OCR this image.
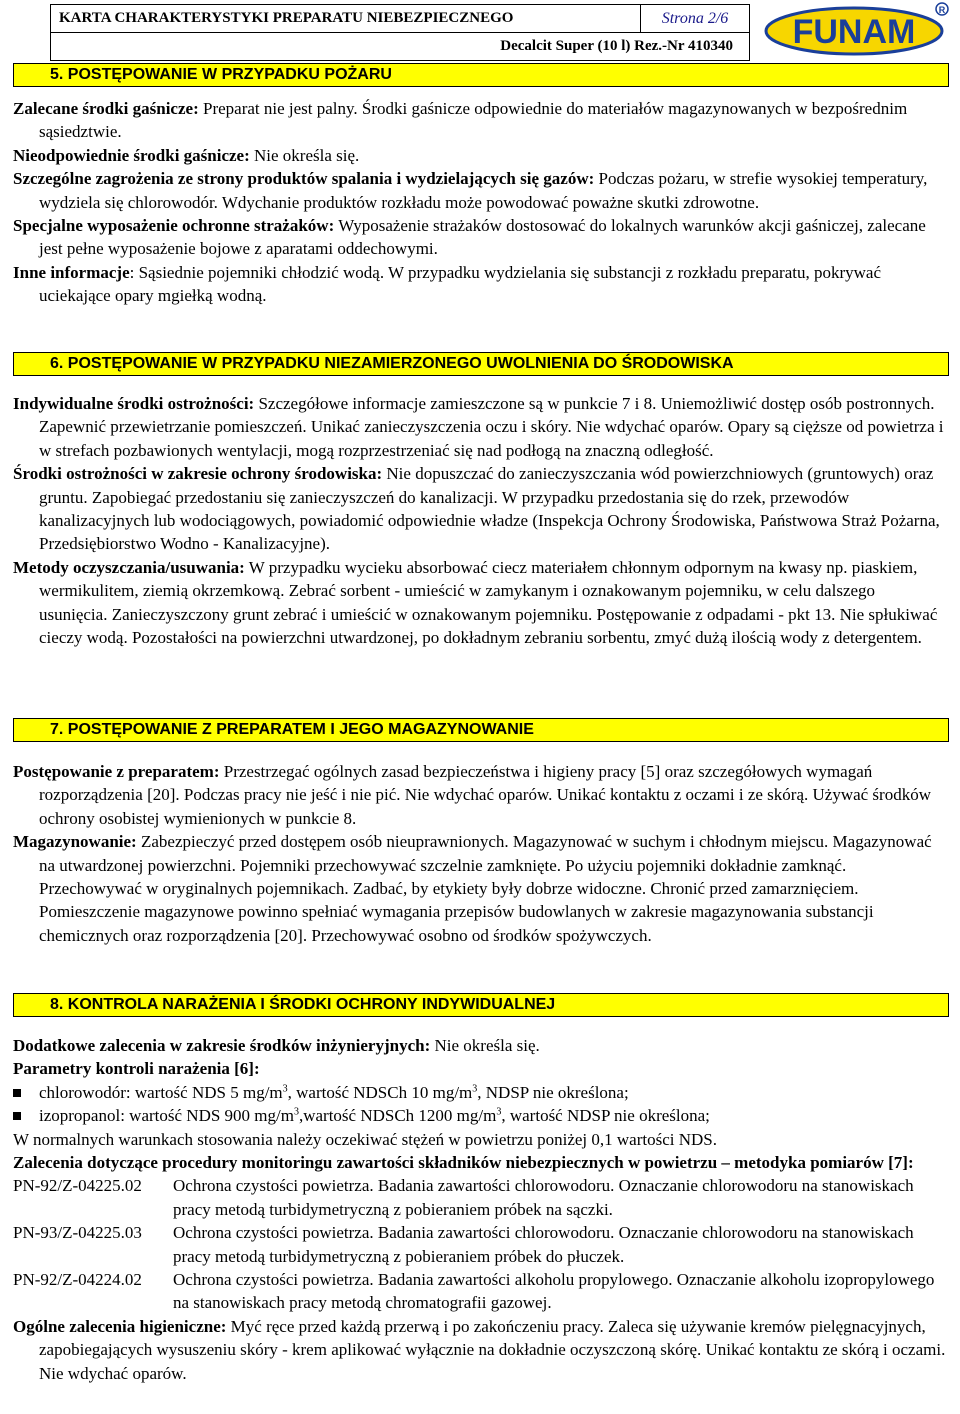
KARTA CHARAKTERYSTYKI PREPARATU NIEBEZPIECZNEGO	Strona 2/6
Decalcit Super (10 l) Rez.-Nr 410340 FUNAM
R
5. POSTĘPOWANIE W PRZYPADKU POŻARU

Zalecane środki gaśnicze: Preparat nie jest palny. Środki gaśnicze odpowiednie do materiałów magazynowanych w bezpośrednim sąsiedztwie.

Nieodpowiednie środki gaśnicze: Nie określa się.

Szczególne zagrożenia ze strony produktów spalania i wydzielających się gazów: Podczas pożaru, w strefie wysokiej temperatury, wydziela się chlorowodór. Wdychanie produktów rozkładu może powodować poważne skutki zdrowotne.

Specjalne wyposażenie ochronne strażaków: Wyposażenie strażaków dostosować do lokalnych warunków akcji gaśniczej, zalecane jest pełne wyposażenie bojowe z aparatami oddechowymi.

Inne informacje: Sąsiednie pojemniki chłodzić wodą. W przypadku wydzielania się substancji z rozkładu preparatu, pokrywać uciekające opary mgiełką wodną.

6. POSTĘPOWANIE W PRZYPADKU NIEZAMIERZONEGO UWOLNIENIA DO ŚRODOWISKA

Indywidualne środki ostrożności: Szczegółowe informacje zamieszczone są w punkcie 7 i 8. Uniemożliwić dostęp osób postronnych. Zapewnić przewietrzanie pomieszczeń. Unikać zanieczyszczenia oczu i skóry. Nie wdychać oparów. Opary są cięższe od powietrza i w strefach pozbawionych wentylacji, mogą rozprzestrzeniać się nad podłogą na znaczną odległość.

Środki ostrożności w zakresie ochrony środowiska: Nie dopuszczać do zanieczyszczania wód powierzchniowych (gruntowych) oraz gruntu. Zapobiegać przedostaniu się zanieczyszczeń do kanalizacji. W przypadku przedostania się do rzek, przewodów kanalizacyjnych lub wodociągowych, powiadomić odpowiednie władze (Inspekcja Ochrony Środowiska, Państwowa Straż Pożarna, Przedsiębiorstwo Wodno - Kanalizacyjne).

Metody oczyszczania/usuwania: W przypadku wycieku absorbować ciecz materiałem chłonnym odpornym na kwasy np. piaskiem, wermikulitem, ziemią okrzemkową. Zebrać sorbent - umieścić w zamykanym i oznakowanym pojemniku, w celu dalszego usunięcia. Zanieczyszczony grunt zebrać i umieścić w oznakowanym pojemniku. Postępowanie z odpadami - pkt 13. Nie spłukiwać cieczy wodą. Pozostałości na powierzchni utwardzonej, po dokładnym zebraniu sorbentu, zmyć dużą ilością wody z detergentem.

7. POSTĘPOWANIE Z PREPARATEM I JEGO MAGAZYNOWANIE

Postępowanie z preparatem: Przestrzegać ogólnych zasad bezpieczeństwa i higieny pracy [5] oraz szczegółowych wymagań rozporządzenia [20]. Podczas pracy nie jeść i nie pić. Nie wdychać oparów. Unikać kontaktu z oczami i ze skórą. Używać środków ochrony osobistej wymienionych w punkcie 8.

Magazynowanie: Zabezpieczyć przed dostępem osób nieuprawnionych. Magazynować w suchym i chłodnym miejscu. Magazynować na utwardzonej powierzchni. Pojemniki przechowywać szczelnie zamknięte. Po użyciu pojemniki dokładnie zamknąć. Przechowywać w oryginalnych pojemnikach. Zadbać, by etykiety były dobrze widoczne. Chronić przed zamarznięciem. Pomieszczenie magazynowe powinno spełniać wymagania przepisów budowlanych w zakresie magazynowania substancji chemicznych oraz rozporządzenia [20]. Przechowywać osobno od środków spożywczych.

8. KONTROLA NARAŻENIA I ŚRODKI OCHRONY INDYWIDUALNEJ

Dodatkowe zalecenia w zakresie środków inżynieryjnych: Nie określa się.

Parametry kontroli narażenia [6]:

chlorowodór: wartość NDS 5 $mg/m^3$, wartość NDSCh 10 $mg/m^3$, NDSP nie określona;

izopropanol: wartość NDS 900 $mg/m^3,wartość$ NDSCh 1200 $mg/m^3$, wartość NDSP nie określona;

W normalnych warunkach stosowania należy oczekiwać stężeń w powietrzu poniżej 0,1 wartości NDS.

Zalecenia dotyczące procedury monitoringu zawartości składników niebezpiecznych w powietrzu – metodyka pomiarów [7]:

PN-92/Z-04225.02	Ochrona czystości powietrza. Badania zawartości chlorowodoru. Oznaczanie chlorowodoru na stanowiskach pracy metodą turbidymetryczną z pobieraniem próbek na sączki.
PN-93/Z-04225.03	Ochrona czystości powietrza. Badania zawartości chlorowodoru. Oznaczanie chlorowodoru na stanowiskach pracy metodą turbidymetryczną z pobieraniem próbek do płuczek.
PN-92/Z-04224.02	Ochrona czystości powietrza. Badania zawartości alkoholu propylowego. Oznaczanie alkoholu izopropylowego na stanowiskach pracy metodą chromatografii gazowej.

Ogólne zalecenia higieniczne: Myć ręce przed każdą przerwą i po zakończeniu pracy. Zaleca się używanie kremów pielęgnacyjnych, zapobiegających wysuszeniu skóry - krem aplikować wyłącznie na dokładnie oczyszczoną skórę. Unikać kontaktu ze skórą i oczami. Nie wdychać oparów.
